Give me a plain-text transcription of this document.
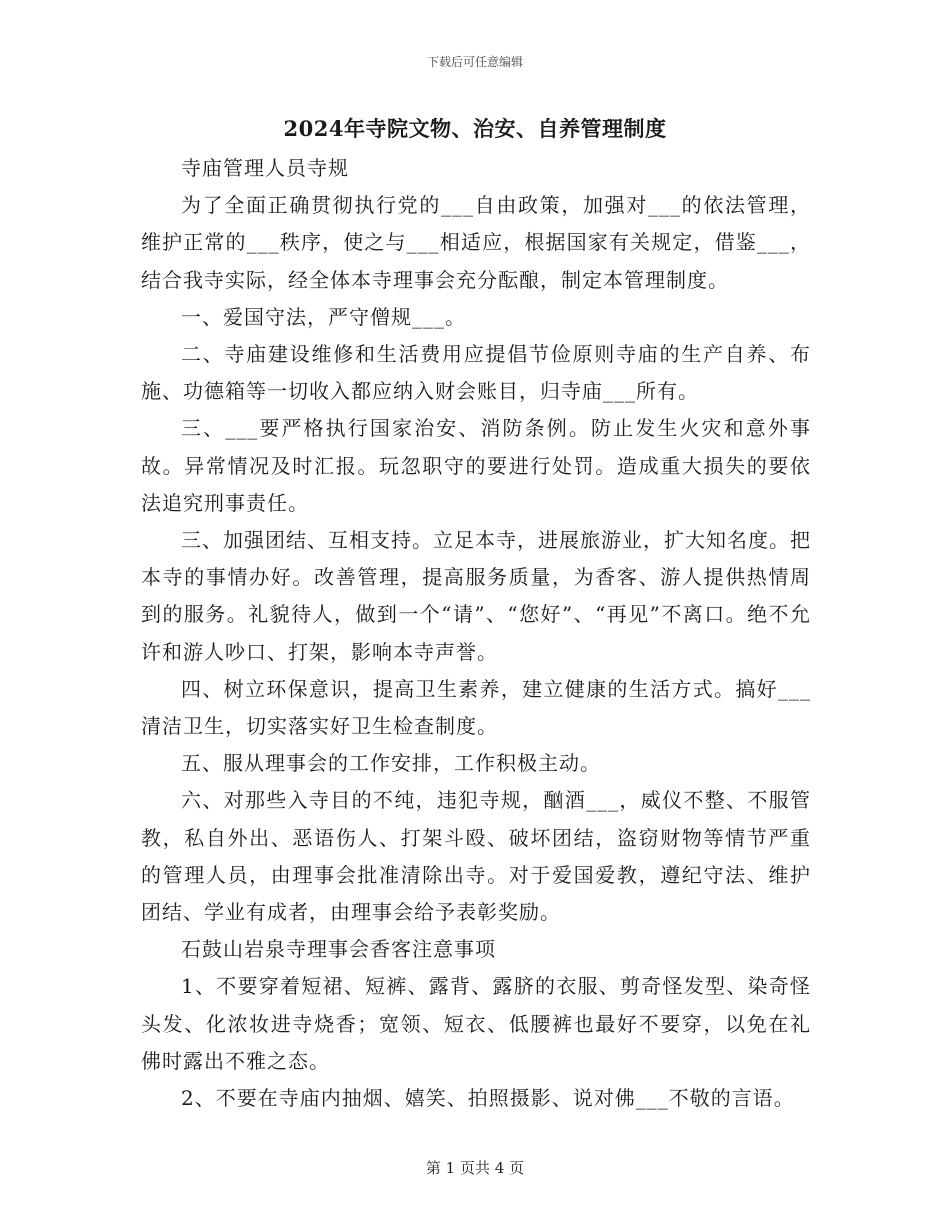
下载后可任意编辑
2024年寺院文物、治安、自养管理制度

寺庙管理人员寺规

为了全面正确贯彻执行党的___自由政策，加强对___的依法管理，维护正常的___秩序，使之与___相适应，根据国家有关规定，借鉴___，结合我寺实际，经全体本寺理事会充分酝酿，制定本管理制度。

一、爱国守法，严守僧规___。

二、寺庙建设维修和生活费用应提倡节俭原则寺庙的生产自养、布施、功德箱等一切收入都应纳入财会账目，归寺庙___所有。

三、___要严格执行国家治安、消防条例。防止发生火灾和意外事故。异常情况及时汇报。玩忽职守的要进行处罚。造成重大损失的要依法追究刑事责任。

三、加强团结、互相支持。立足本寺，进展旅游业，扩大知名度。把本寺的事情办好。改善管理，提高服务质量，为香客、游人提供热情周到的服务。礼貌待人，做到一个“请”、“您好”、“再见”不离口。绝不允许和游人吵口、打架，影响本寺声誉。

四、树立环保意识，提高卫生素养，建立健康的生活方式。搞好___清洁卫生，切实落实好卫生检查制度。

五、服从理事会的工作安排，工作积极主动。

六、对那些入寺目的不纯，违犯寺规，酗酒___，威仪不整、不服管教，私自外出、恶语伤人、打架斗殴、破坏团结，盗窃财物等情节严重的管理人员，由理事会批准清除出寺。对于爱国爱教，遵纪守法、维护团结、学业有成者，由理事会给予表彰奖励。

石鼓山岩泉寺理事会香客注意事项

1、不要穿着短裙、短裤、露背、露脐的衣服、剪奇怪发型、染奇怪头发、化浓妆进寺烧香；宽领、短衣、低腰裤也最好不要穿，以免在礼佛时露出不雅之态。

2、不要在寺庙内抽烟、嬉笑、拍照摄影、说对佛___不敬的言语。

第 1 页共 4 页
